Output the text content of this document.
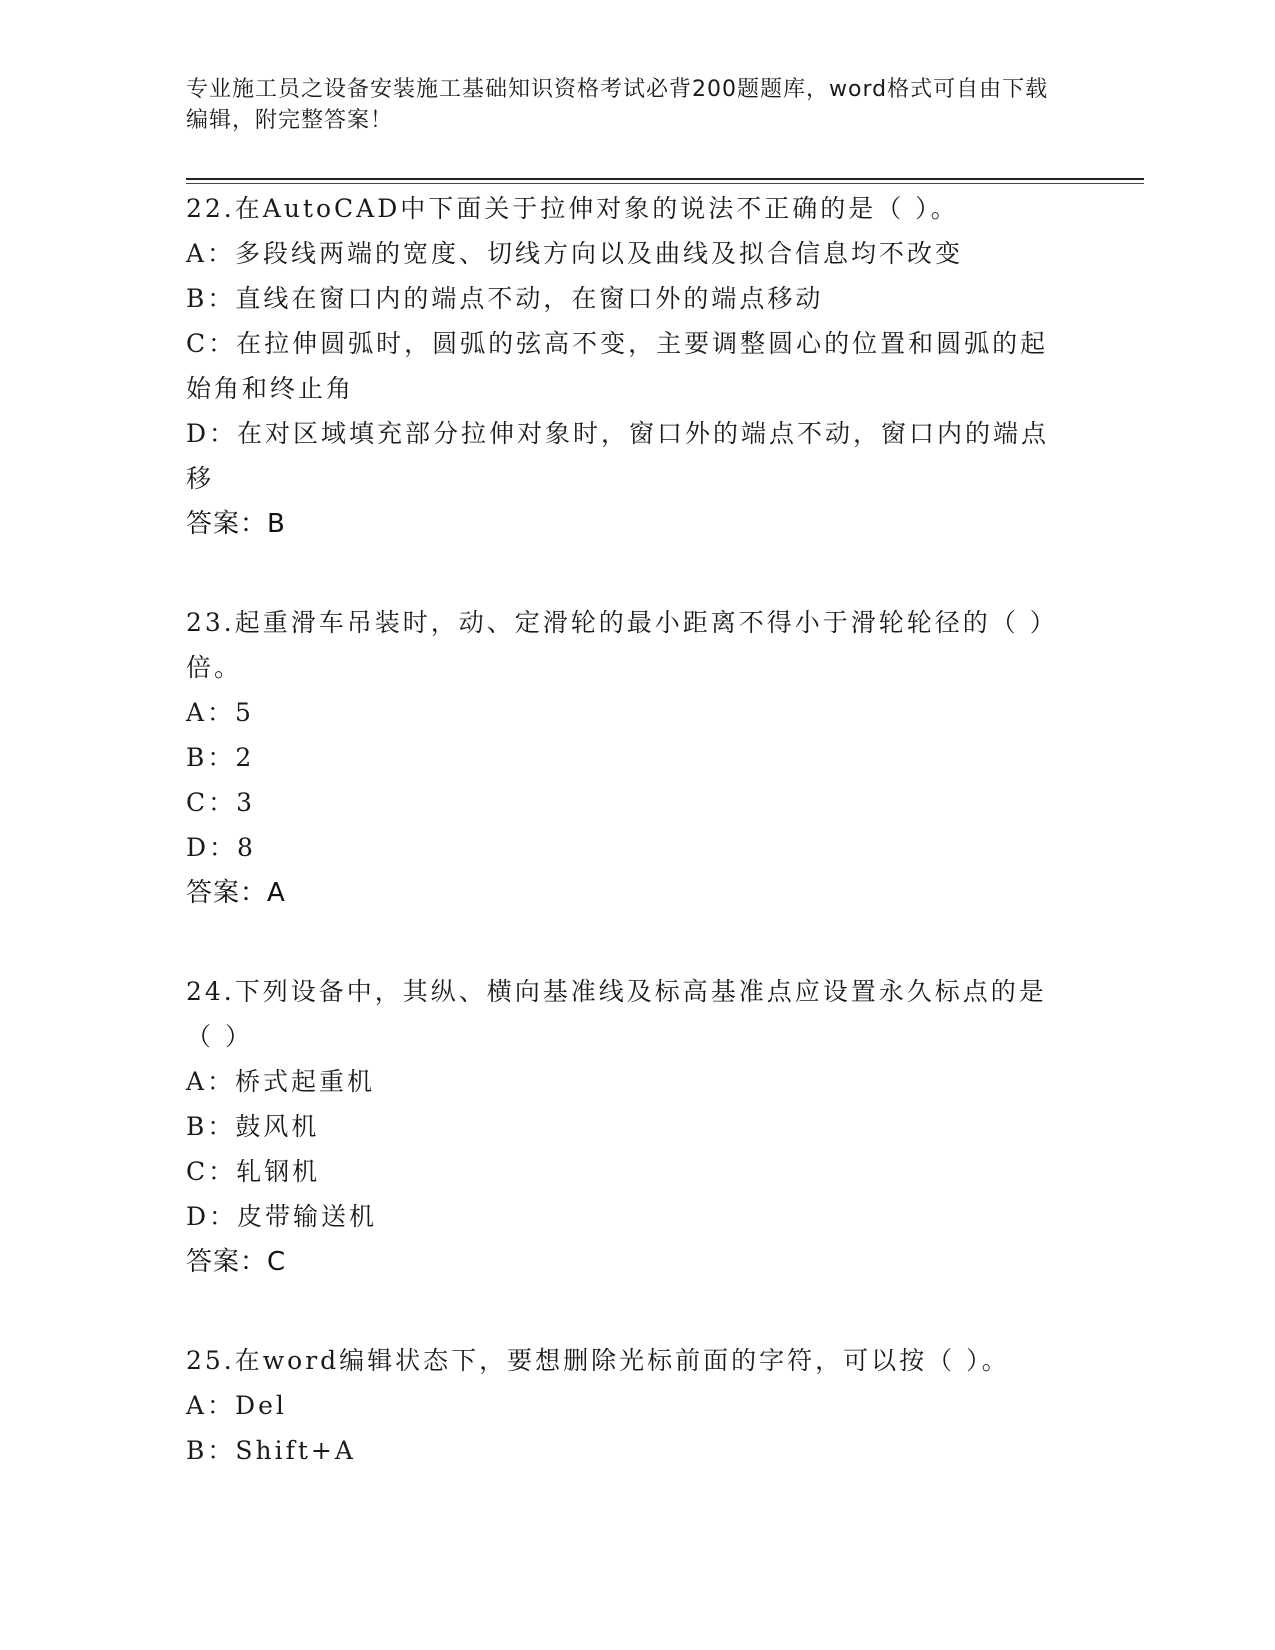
专业施工员之设备安装施工基础知识资格考试必背200题题库，word格式可自由下载编辑，附完整答案！
22.在AutoCAD中下面关于拉伸对象的说法不正确的是（ ）。
A：多段线两端的宽度、切线方向以及曲线及拟合信息均不改变
B：直线在窗口内的端点不动，在窗口外的端点移动
C：在拉伸圆弧时，圆弧的弦高不变，主要调整圆心的位置和圆弧的起始角和终止角
D：在对区域填充部分拉伸对象时，窗口外的端点不动，窗口内的端点移
答案：B
23.起重滑车吊装时，动、定滑轮的最小距离不得小于滑轮轮径的（ ）倍。
A：5
B：2
C：3
D：8
答案：A
24.下列设备中，其纵、横向基准线及标高基准点应设置永久标点的是（ ）
A：桥式起重机
B：鼓风机
C：轧钢机
D：皮带输送机
答案：C
25.在word编辑状态下，要想删除光标前面的字符，可以按（ ）。
A：Del
B：Shift+A
